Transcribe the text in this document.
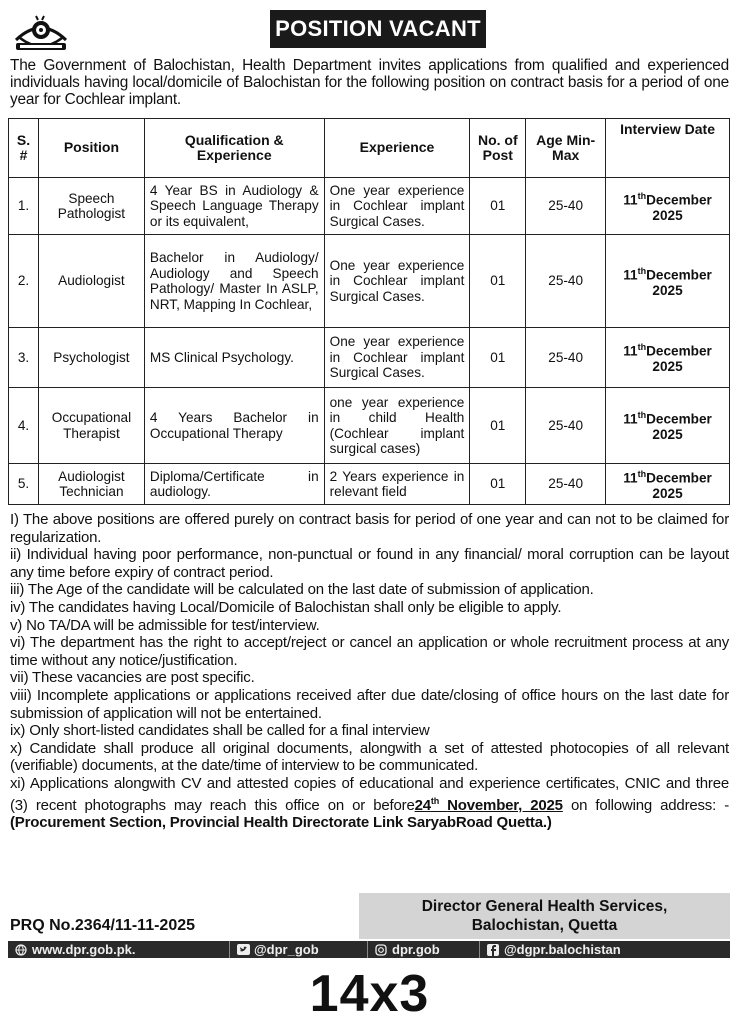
POSITION VACANT
The Government of Balochistan, Health Department invites applications from qualified and experienced individuals having local/domicile of Balochistan for the following position on contract basis for a period of one year for Cochlear implant.
S. #	Position	Qualification & Experience	Experience	No. of Post	Age Min-Max	Interview Date
1.	Speech Pathologist	4 Year BS in Audiology & Speech Language Therapy or its equivalent,	One year experience in Cochlear implant Surgical Cases.	01	25-40	11thDecember 2025
2.	Audiologist	Bachelor in Audiology/ Audiology and Speech Pathology/ Master In ASLP, NRT, Mapping In Cochlear,	One year experience in Cochlear implant Surgical Cases.	01	25-40	11thDecember 2025
3.	Psychologist	MS Clinical Psychology.	One year experience in Cochlear implant Surgical Cases.	01	25-40	11thDecember 2025
4.	Occupational Therapist	4 Years Bachelor in Occupational Therapy	one year experience in child Health (Cochlear implant surgical cases)	01	25-40	11thDecember 2025
5.	Audiologist Technician	Diploma/Certificate in audiology.	2 Years experience in relevant field	01	25-40	11thDecember 2025

I) The above positions are offered purely on contract basis for period of one year and can not to be claimed for regularization.

ii) Individual having poor performance, non-punctual or found in any financial/ moral corruption can be layout any time before expiry of contract period.

iii) The Age of the candidate will be calculated on the last date of submission of application.

iv) The candidates having Local/Domicile of Balochistan shall only be eligible to apply.

v) No TA/DA will be admissible for test/interview.

vi) The department has the right to accept/reject or cancel an application or whole recruitment process at any time without any notice/justification.

vii) These vacancies are post specific.

viii) Incomplete applications or applications received after due date/closing of office hours on the last date for submission of application will not be entertained.

ix) Only short-listed candidates shall be called for a final interview

x) Candidate shall produce all original documents, alongwith a set of attested photocopies of all relevant (verifiable) documents, at the date/time of interview to be communicated.

xi) Applications alongwith CV and attested copies of educational and experience certificates, CNIC and three (3) recent photographs may reach this office on or before24th November, 2025 on following address: - (Procurement Section, Provincial Health Directorate Link SaryabRoad Quetta.)

PRQ No.2364/11-11-2025
Director General Health Services,
Balochistan, Quetta
www.dpr.gob.pk.	@dpr_gob	dpr.gob	@dgpr.balochistan
14x3
